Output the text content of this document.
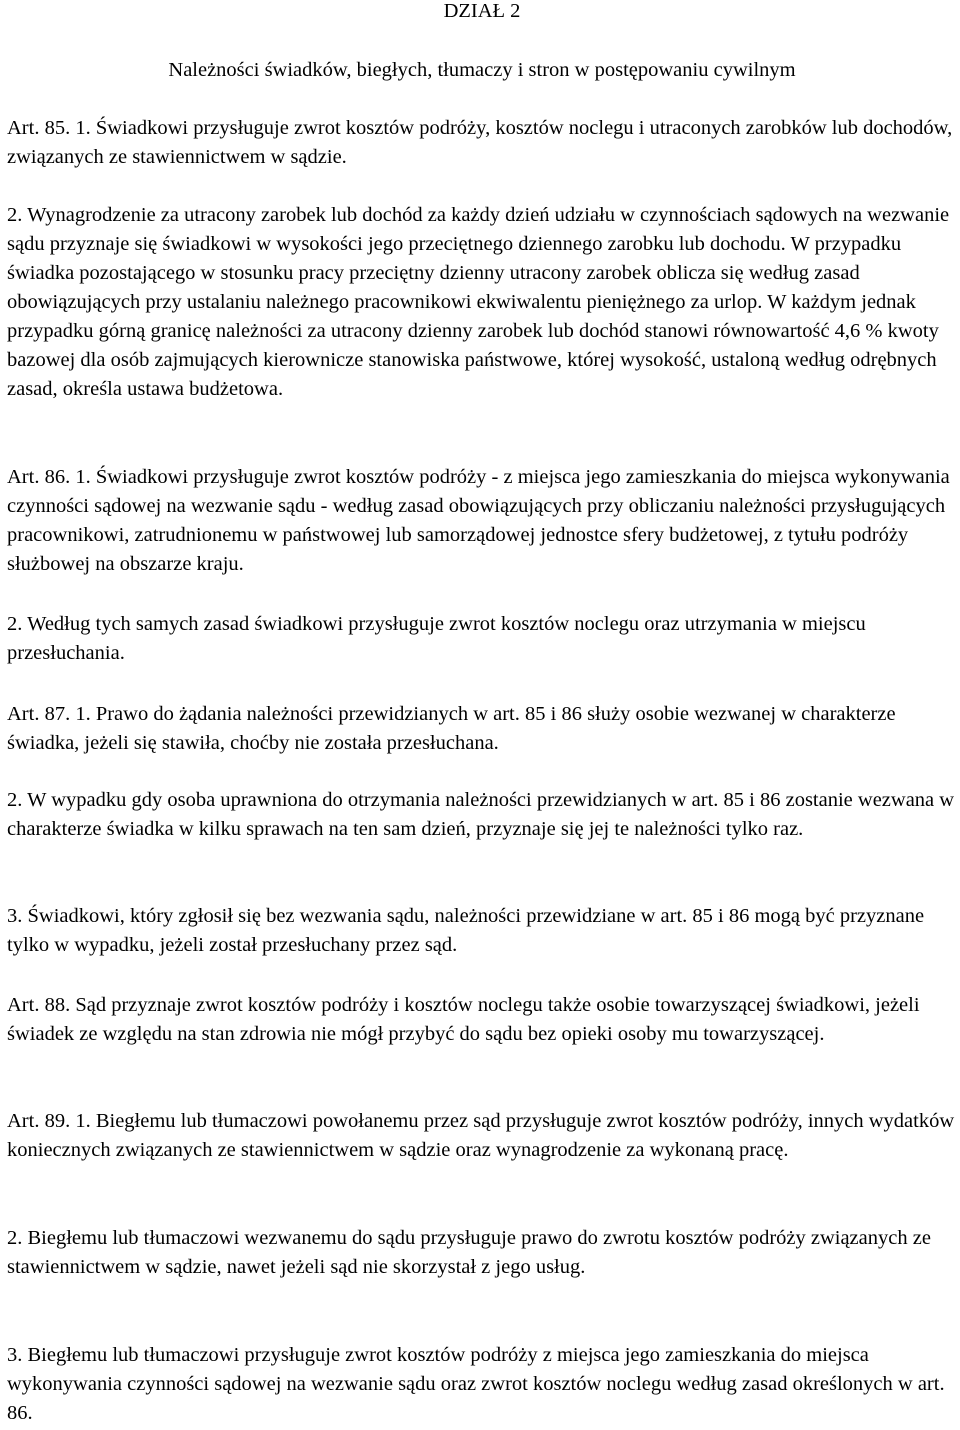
DZIAŁ 2
Należności świadków, biegłych, tłumaczy i stron w postępowaniu cywilnym

Art. 85. 1. Świadkowi przysługuje zwrot kosztów podróży, kosztów noclegu i utraconych zarobków lub dochodów, związanych ze stawiennictwem w sądzie.

2. Wynagrodzenie za utracony zarobek lub dochód za każdy dzień udziału w czynnościach sądowych na wezwanie sądu przyznaje się świadkowi w wysokości jego przeciętnego dziennego zarobku lub dochodu. W przypadku świadka pozostającego w stosunku pracy przeciętny dzienny utracony zarobek oblicza się według zasad obowiązujących przy ustalaniu należnego pracownikowi ekwiwalentu pieniężnego za urlop. W każdym jednak przypadku górną granicę należności za utracony dzienny zarobek lub dochód stanowi równowartość 4,6 % kwoty bazowej dla osób zajmujących kierownicze stanowiska państwowe, której wysokość, ustaloną według odrębnych zasad, określa ustawa budżetowa.

Art. 86. 1. Świadkowi przysługuje zwrot kosztów podróży - z miejsca jego zamieszkania do miejsca wykonywania czynności sądowej na wezwanie sądu - według zasad obowiązujących przy obliczaniu należności przysługujących pracownikowi, zatrudnionemu w państwowej lub samorządowej jednostce sfery budżetowej, z tytułu podróży służbowej na obszarze kraju.

2. Według tych samych zasad świadkowi przysługuje zwrot kosztów noclegu oraz utrzymania w miejscu przesłuchania.

Art. 87. 1. Prawo do żądania należności przewidzianych w art. 85 i 86 służy osobie wezwanej w charakterze świadka, jeżeli się stawiła, choćby nie została przesłuchana.

2. W wypadku gdy osoba uprawniona do otrzymania należności przewidzianych w art. 85 i 86 zostanie wezwana w charakterze świadka w kilku sprawach na ten sam dzień, przyznaje się jej te należności tylko raz.

3. Świadkowi, który zgłosił się bez wezwania sądu, należności przewidziane w art. 85 i 86 mogą być przyznane tylko w wypadku, jeżeli został przesłuchany przez sąd.

Art. 88. Sąd przyznaje zwrot kosztów podróży i kosztów noclegu także osobie towarzyszącej świadkowi, jeżeli świadek ze względu na stan zdrowia nie mógł przybyć do sądu bez opieki osoby mu towarzyszącej.

Art. 89. 1. Biegłemu lub tłumaczowi powołanemu przez sąd przysługuje zwrot kosztów podróży, innych wydatków koniecznych związanych ze stawiennictwem w sądzie oraz wynagrodzenie za wykonaną pracę.

2. Biegłemu lub tłumaczowi wezwanemu do sądu przysługuje prawo do zwrotu kosztów podróży związanych ze stawiennictwem w sądzie, nawet jeżeli sąd nie skorzystał z jego usług.

3. Biegłemu lub tłumaczowi przysługuje zwrot kosztów podróży z miejsca jego zamieszkania do miejsca wykonywania czynności sądowej na wezwanie sądu oraz zwrot kosztów noclegu według zasad określonych w art. 86.
